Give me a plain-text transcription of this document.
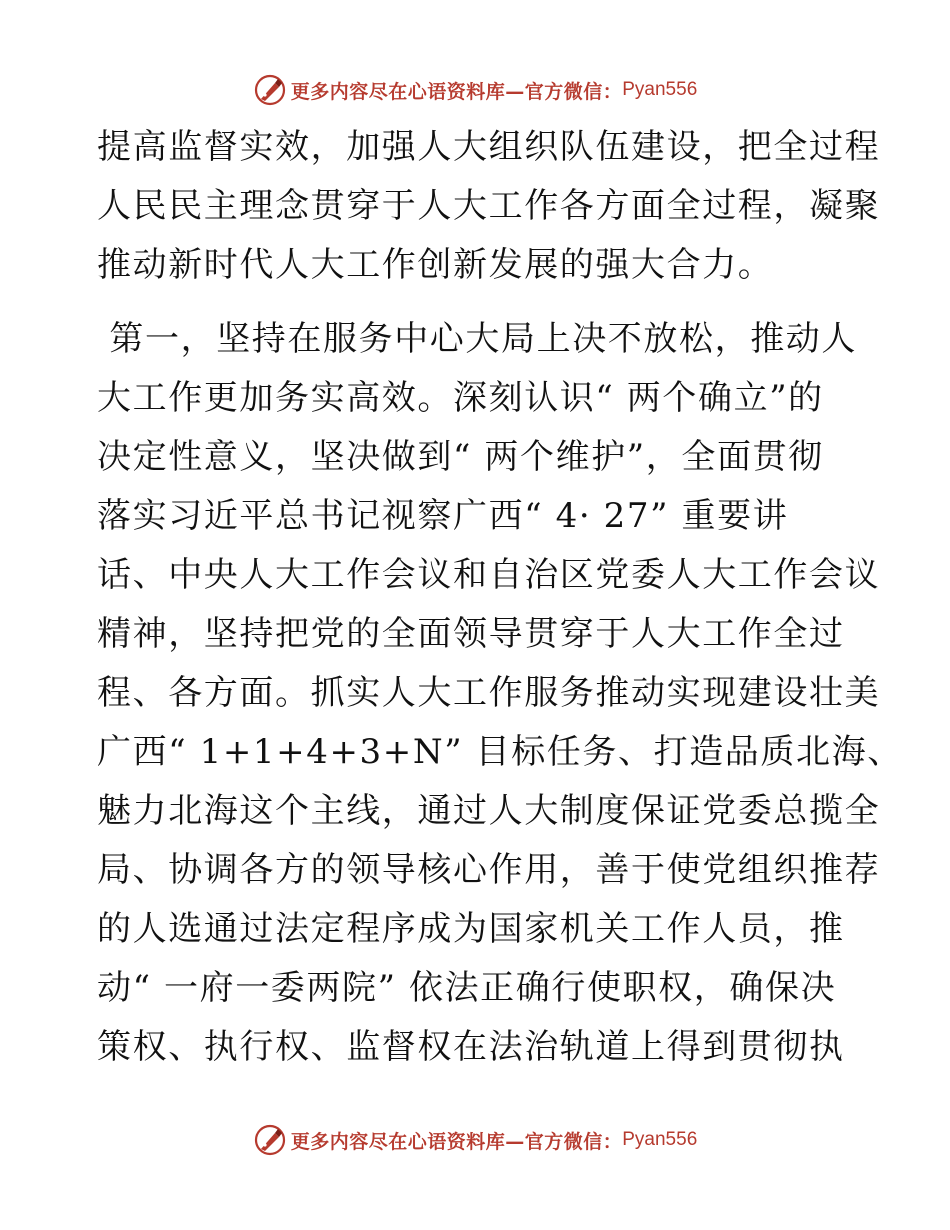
更多内容尽在心语资料库—官方微信： Pyan556
提高监督实效，加强人大组织队伍建设，把全过程
人民民主理念贯穿于人大工作各方面全过程，凝聚
推动新时代人大工作创新发展的强大合力。
第一，坚持在服务中心大局上决不放松，推动人
大工作更加务实高效。深刻认识“ 两个确立”的
决定性意义，坚决做到“ 两个维护”，全面贯彻
落实习近平总书记视察广西“ 4· 27” 重要讲
话、中央人大工作会议和自治区党委人大工作会议
精神，坚持把党的全面领导贯穿于人大工作全过
程、各方面。抓实人大工作服务推动实现建设壮美
广西“ 1+1+4+3+N” 目标任务、打造品质北海、
魅力北海这个主线，通过人大制度保证党委总揽全
局、协调各方的领导核心作用，善于使党组织推荐
的人选通过法定程序成为国家机关工作人员，推
动“ 一府一委两院” 依法正确行使职权，确保决
策权、执行权、监督权在法治轨道上得到贯彻执
更多内容尽在心语资料库—官方微信： Pyan556
